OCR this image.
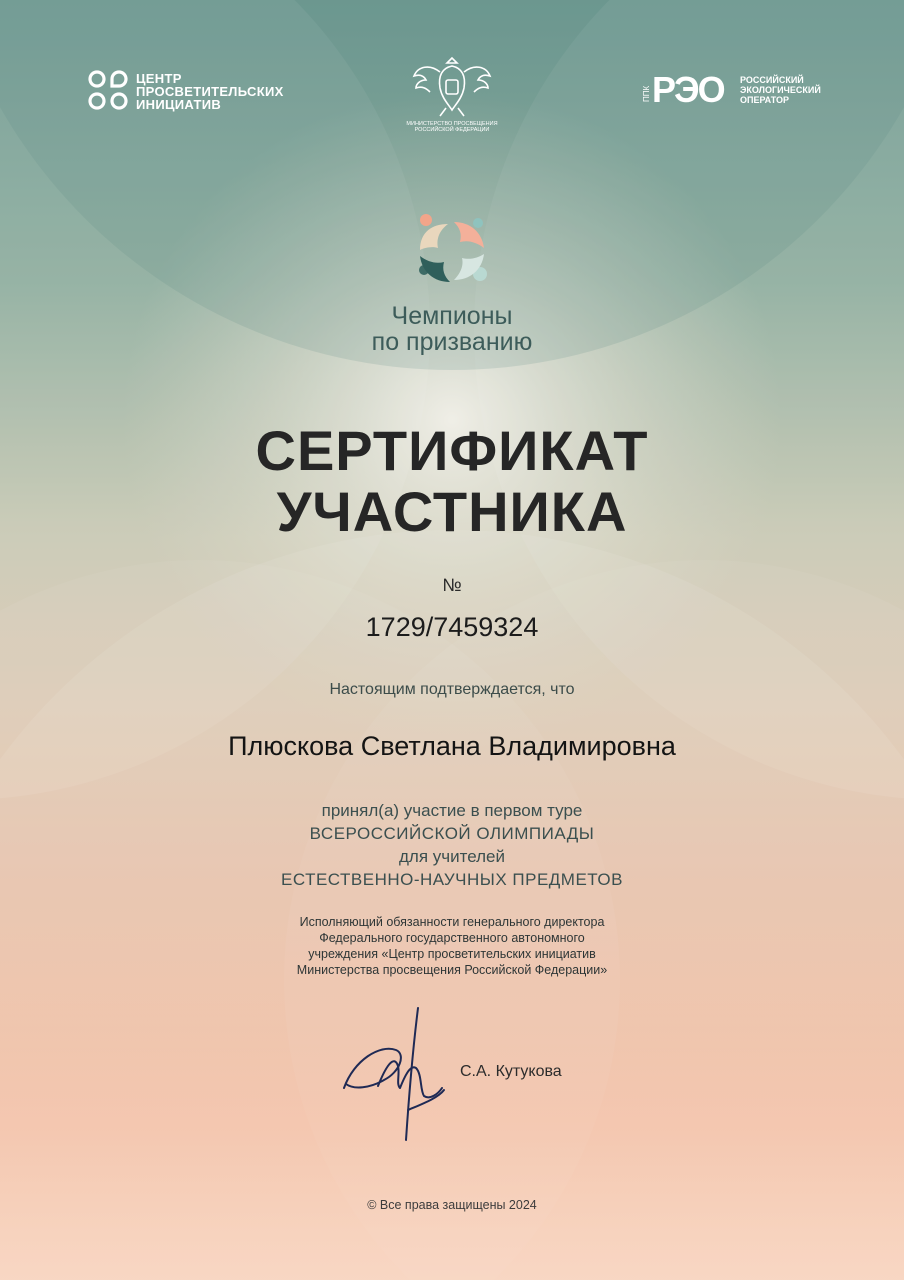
ЦЕНТР
ПРОСВЕТИТЕЛЬСКИХ
ИНИЦИАТИВ
МИНИСТЕРСТВО ПРОСВЕЩЕНИЯ
РОССИЙСКОЙ ФЕДЕРАЦИИ
ППК РЭО РОССИЙСКИЙ
ЭКОЛОГИЧЕСКИЙ
ОПЕРАТОР
Чемпионы
по призванию
СЕРТИФИКАТ
УЧАСТНИКА
№
1729/7459324
Настоящим подтверждается, что
Плюскова Светлана Владимировна
принял(а) участие в первом туре
ВСЕРОССИЙСКОЙ ОЛИМПИАДЫ
для учителей
ЕСТЕСТВЕННО-НАУЧНЫХ ПРЕДМЕТОВ
Исполняющий обязанности генерального директора
Федерального государственного автономного
учреждения «Центр просветительских инициатив
Министерства просвещения Российской Федерации»
С.А. Кутукова
© Все права защищены 2024
